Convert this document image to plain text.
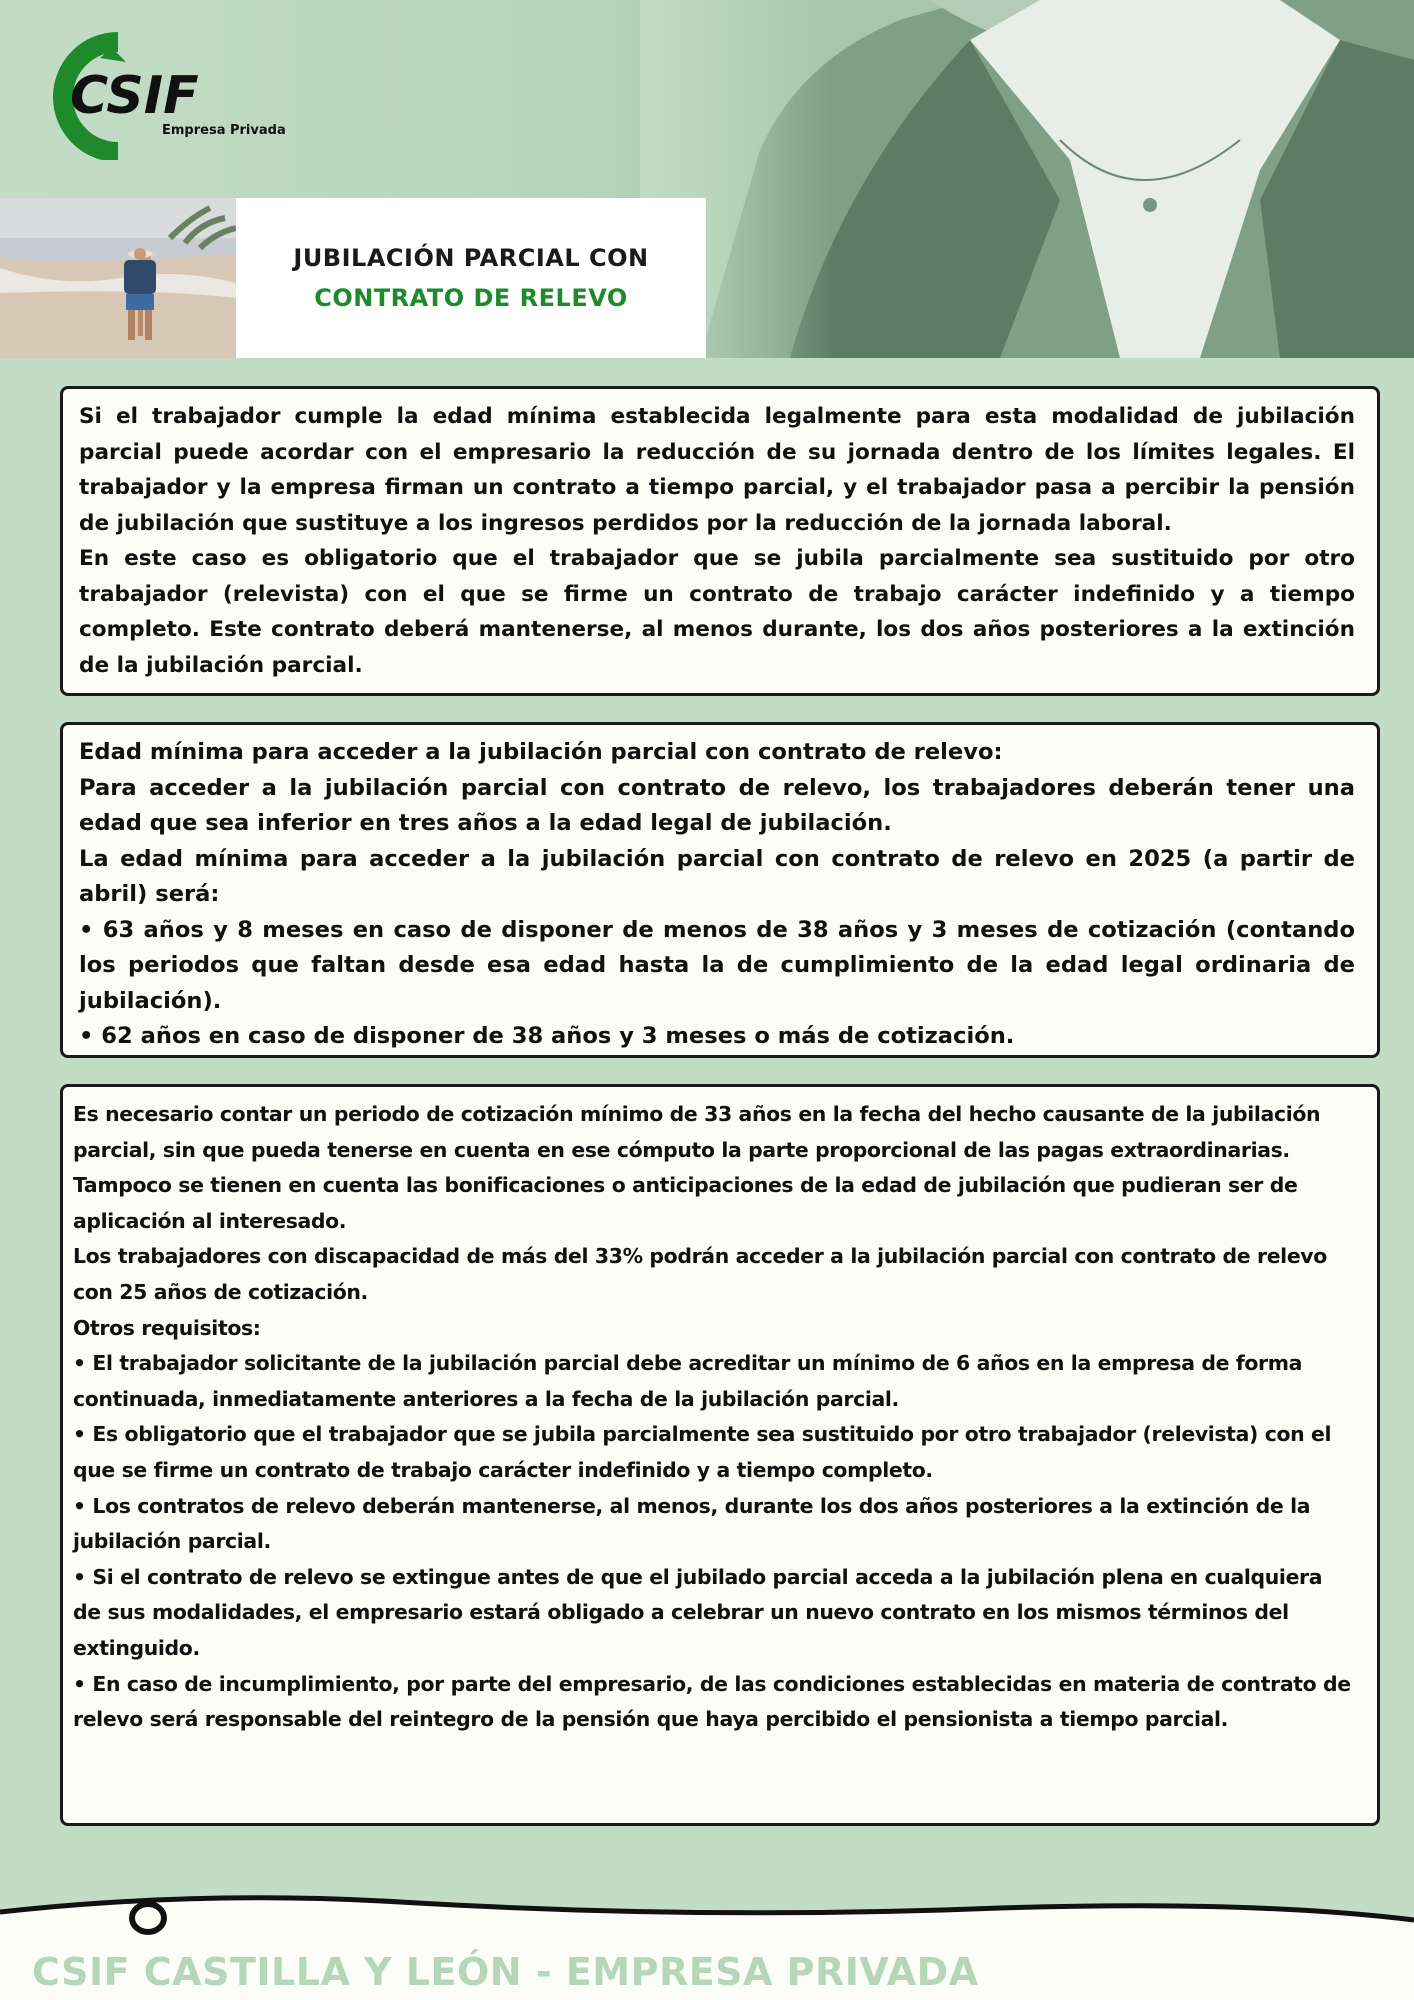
CSIF
Empresa Privada
JUBILACIÓN PARCIAL CON
CONTRATO DE RELEVO

Si el trabajador cumple la edad mínima establecida legalmente para esta modalidad de jubilación parcial puede acordar con el empresario la reducción de su jornada dentro de los límites legales. El trabajador y la empresa firman un contrato a tiempo parcial, y el trabajador pasa a percibir la pensión de jubilación que sustituye a los ingresos perdidos por la reducción de la jornada laboral.

En este caso es obligatorio que el trabajador que se jubila parcialmente sea sustituido por otro trabajador (relevista) con el que se firme un contrato de trabajo carácter indefinido y a tiempo completo. Este contrato deberá mantenerse, al menos durante, los dos años posteriores a la extinción de la jubilación parcial.

Edad mínima para acceder a la jubilación parcial con contrato de relevo:

Para acceder a la jubilación parcial con contrato de relevo, los trabajadores deberán tener una edad que sea inferior en tres años a la edad legal de jubilación.

La edad mínima para acceder a la jubilación parcial con contrato de relevo en 2025 (a partir de abril) será:

• 63 años y 8 meses en caso de disponer de menos de 38 años y 3 meses de cotización (contando los periodos que faltan desde esa edad hasta la de cumplimiento de la edad legal ordinaria de jubilación).

• 62 años en caso de disponer de 38 años y 3 meses o más de cotización.

Es necesario contar un periodo de cotización mínimo de 33 años en la fecha del hecho causante de la jubilación parcial, sin que pueda tenerse en cuenta en ese cómputo la parte proporcional de las pagas extraordinarias. Tampoco se tienen en cuenta las bonificaciones o anticipaciones de la edad de jubilación que pudieran ser de aplicación al interesado.

Los trabajadores con discapacidad de más del 33% podrán acceder a la jubilación parcial con contrato de relevo con 25 años de cotización.

Otros requisitos:

• El trabajador solicitante de la jubilación parcial debe acreditar un mínimo de 6 años en la empresa de forma continuada, inmediatamente anteriores a la fecha de la jubilación parcial.

• Es obligatorio que el trabajador que se jubila parcialmente sea sustituido por otro trabajador (relevista) con el que se firme un contrato de trabajo carácter indefinido y a tiempo completo.

• Los contratos de relevo deberán mantenerse, al menos, durante los dos años posteriores a la extinción de la jubilación parcial.

• Si el contrato de relevo se extingue antes de que el jubilado parcial acceda a la jubilación plena en cualquiera de sus modalidades, el empresario estará obligado a celebrar un nuevo contrato en los mismos términos del extinguido.

• En caso de incumplimiento, por parte del empresario, de las condiciones establecidas en materia de contrato de relevo será responsable del reintegro de la pensión que haya percibido el pensionista a tiempo parcial.

CSIF CASTILLA Y LEÓN - EMPRESA PRIVADA
